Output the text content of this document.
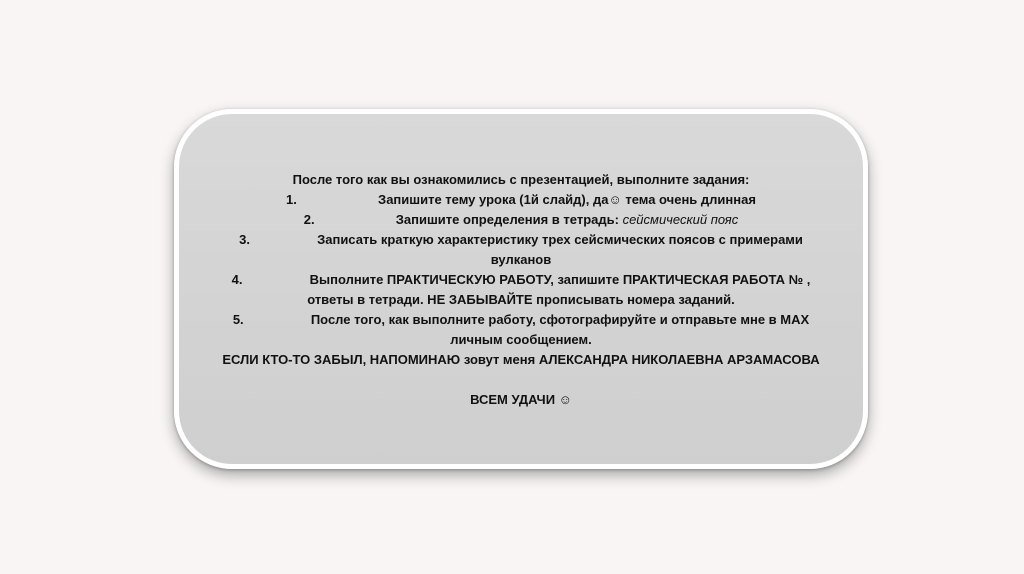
После того как вы ознакомились с презентацией, выполните задания:
1.	Запишите тему урока (1й слайд), да☺ тема очень длинная
2.	Запишите определения в тетрадь: сейсмический пояс
3.	Записать краткую характеристику трех сейсмических поясов с примерами
вулканов
4.	Выполните ПРАКТИЧЕСКУЮ РАБОТУ, запишите ПРАКТИЧЕСКАЯ РАБОТА № ,
ответы в тетради. НЕ ЗАБЫВАЙТЕ прописывать номера заданий.
5.	После того, как выполните работу, сфотографируйте и отправьте мне в MAX
личным сообщением.
ЕСЛИ КТО-ТО ЗАБЫЛ, НАПОМИНАЮ зовут меня АЛЕКСАНДРА НИКОЛАЕВНА АРЗАМАСОВА
ВСЕМ УДАЧИ ☺
